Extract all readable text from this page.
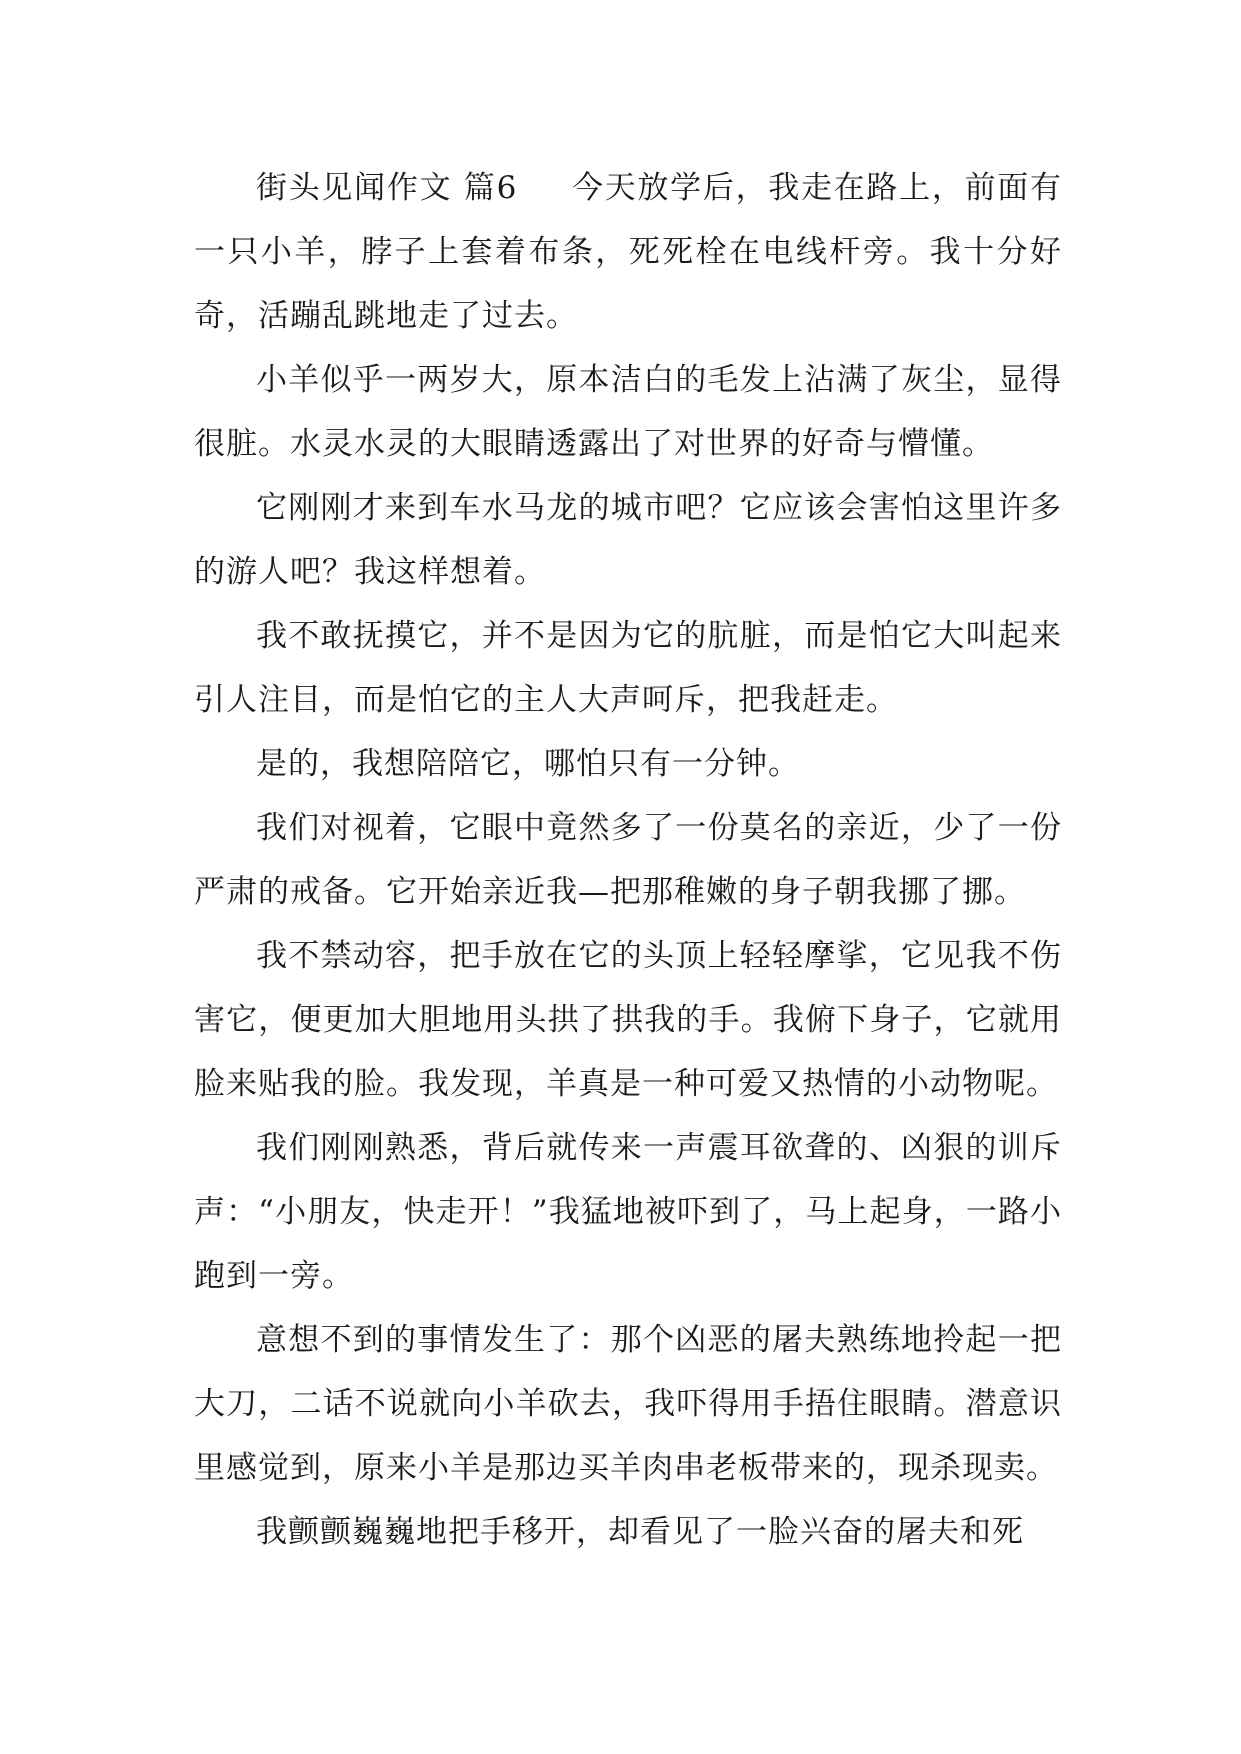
街头见闻作文 篇6 今天放学后，我走在路上，前面有一只小羊，脖子上套着布条，死死栓在电线杆旁。我十分好奇，活蹦乱跳地走了过去。

小羊似乎一两岁大，原本洁白的毛发上沾满了灰尘，显得很脏。水灵水灵的大眼睛透露出了对世界的好奇与懵懂。

它刚刚才来到车水马龙的城市吧？它应该会害怕这里许多的游人吧？我这样想着。

我不敢抚摸它，并不是因为它的肮脏，而是怕它大叫起来引人注目，而是怕它的主人大声呵斥，把我赶走。

是的，我想陪陪它，哪怕只有一分钟。

我们对视着，它眼中竟然多了一份莫名的亲近，少了一份严肃的戒备。它开始亲近我—把那稚嫩的身子朝我挪了挪。

我不禁动容，把手放在它的头顶上轻轻摩挲，它见我不伤害它，便更加大胆地用头拱了拱我的手。我俯下身子，它就用脸来贴我的脸。我发现，羊真是一种可爱又热情的小动物呢。

我们刚刚熟悉，背后就传来一声震耳欲聋的、凶狠的训斥声：“小朋友，快走开！”我猛地被吓到了，马上起身，一路小跑到一旁。

意想不到的事情发生了：那个凶恶的屠夫熟练地拎起一把大刀，二话不说就向小羊砍去，我吓得用手捂住眼睛。潜意识里感觉到，原来小羊是那边买羊肉串老板带来的，现杀现卖。

我颤颤巍巍地把手移开，却看见了一脸兴奋的屠夫和死
